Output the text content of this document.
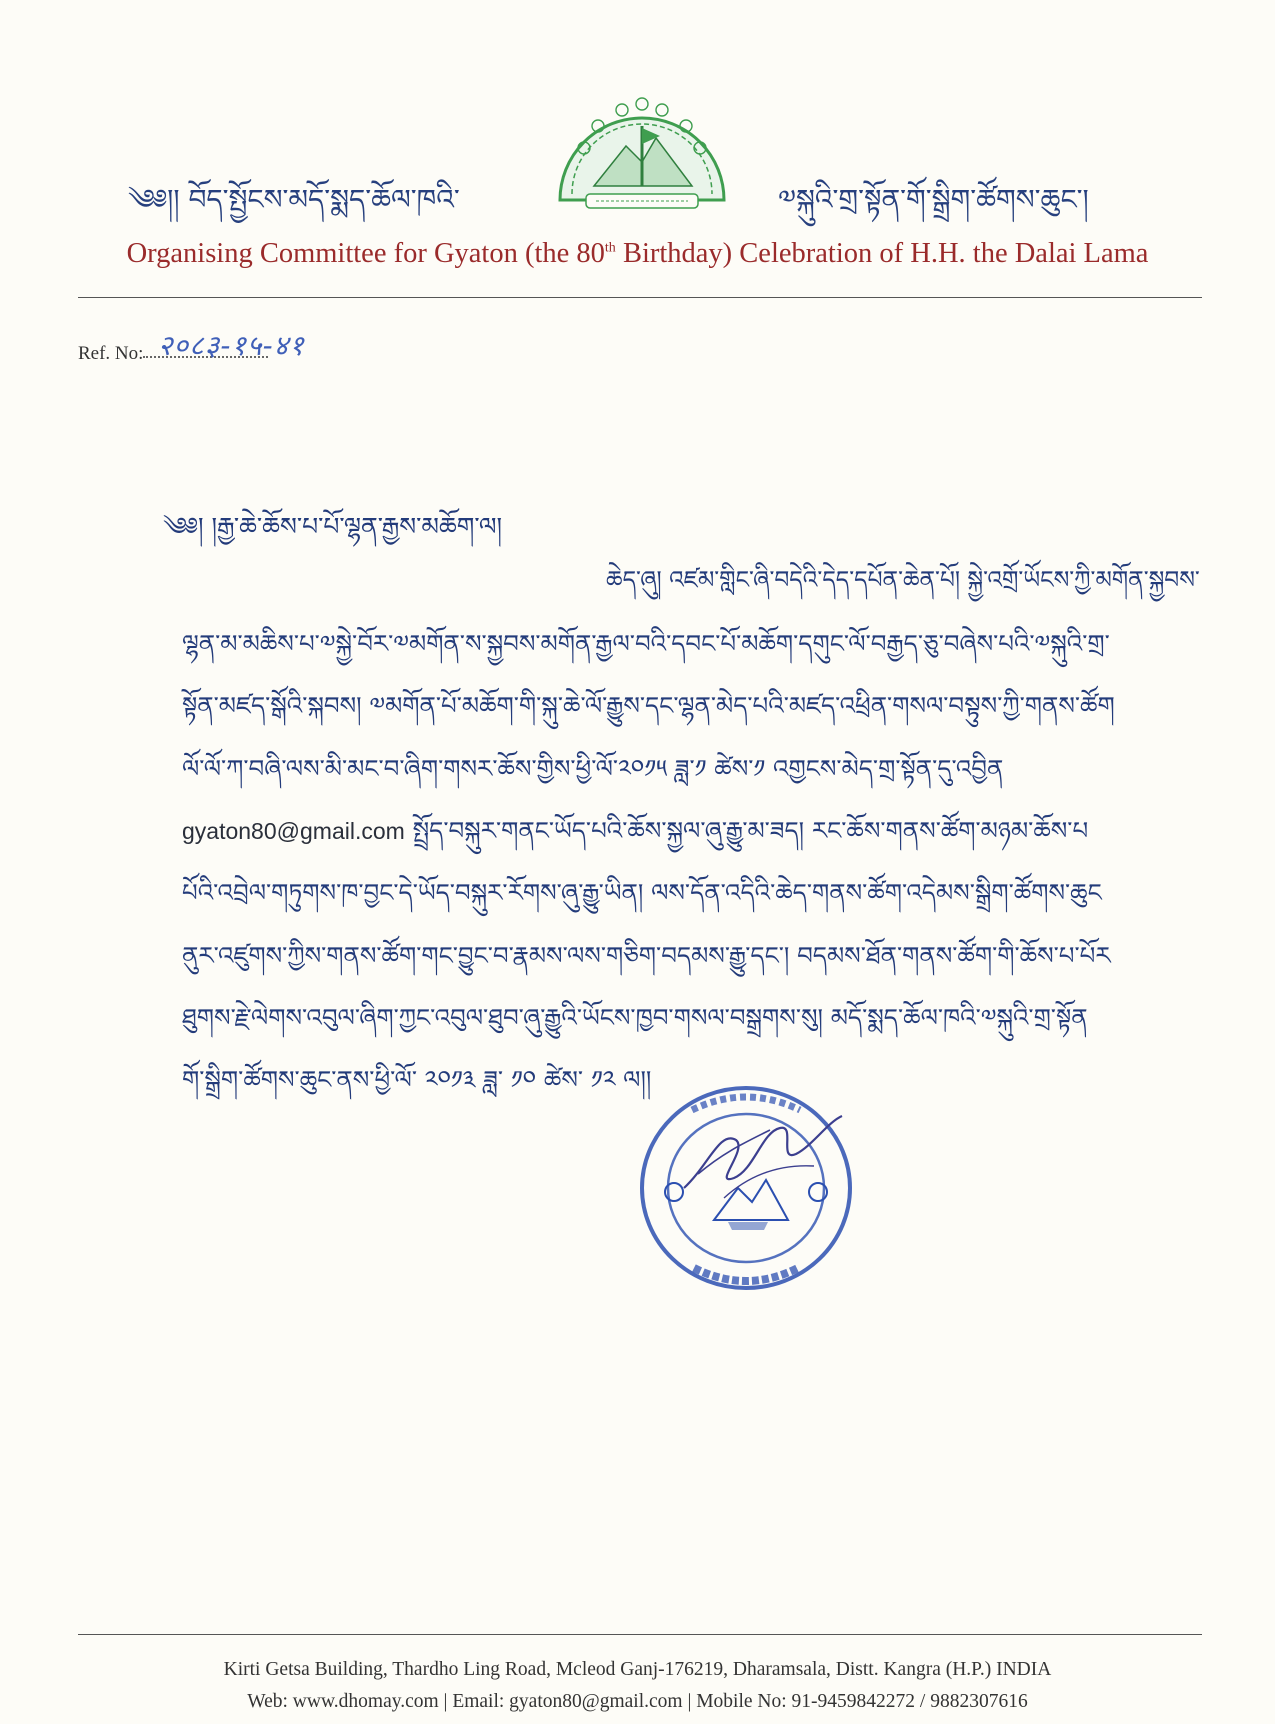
༄༅།། བོད་སྤྱོངས་མདོ་སྨད་ཆོལ་ཁའི་	༧སྐུའི་གྲ་སྟོན་གོ་སྒྲིག་ཚོགས་ཆུང་།
Organising Committee for Gyaton (the 80th Birthday) Celebration of H.H. the Dalai Lama
Ref. No: २०८३-१५-४१
༄༅། །རྒྱ་ཆེ་ཆོས་པ་པོ་ལྷན་རྒྱས་མཆོག་ལ།
ཆེད་ཞུ། འཛམ་གླིང་ཞི་བདེའི་དེད་དཔོན་ཆེན་པོ། སྐྱེ་འགྲོ་ཡོངས་ཀྱི་མགོན་སྐྱབས་
ལྷན་མ་མཆིས་པ་༧སྐྱེ་བོར་༧མགོན་ས་སྐྱབས་མགོན་རྒྱལ་བའི་དབང་པོ་མཆོག་དགུང་ལོ་བརྒྱད་ཅུ་བཞེས་པའི་༧སྐུའི་གྲ་
སྟོན་མཛད་སྒོའི་སྐབས། ༧མགོན་པོ་མཆོག་གི་སྐུ་ཆེ་ལོ་རྒྱུས་དང་ལྷན་མེད་པའི་མཛད་འཕྲིན་གསལ་བསྟུས་ཀྱི་གནས་ཚོག
ལོ་ལོ་ཀ་བཞི་ལས་མི་མང་བ་ཞིག་གསར་ཆོས་གྱིས་ཕྱི་ལོ་༢༠༡༥ ཟླ་༡ ཚེས་༡ འགྱངས་མེད་གྲ་སྟོན་དུ་འབྱིན
gyaton80@gmail.com སྤྲོད་བསྐུར་གནང་ཡོད་པའི་ཆོས་སྐྱལ་ཞུ་རྒྱུ་མ་ཟད། རང་ཆོས་གནས་ཚོག་མཉམ་ཆོས་པ
པོའི་འབྲེལ་གཏུགས་ཁ་བྱང་དེ་ཡོད་བསྐུར་རོགས་ཞུ་རྒྱུ་ཡིན། ལས་དོན་འདིའི་ཆེད་གནས་ཚོག་འདེམས་སྒྲིག་ཚོགས་ཆུང
ནུར་འཛུགས་ཀྱིས་གནས་ཚོག་གང་བྱུང་བ་རྣམས་ལས་གཅིག་བདམས་རྒྱུ་དང་། བདམས་ཐོན་གནས་ཚོག་གི་ཆོས་པ་པོར
ཐུགས་རྗེ་ལེགས་འབུལ་ཞིག་ཀྱང་འབུལ་ཐུབ་ཞུ་རྒྱུའི་ཡོངས་ཁྱབ་གསལ་བསྒྲགས་སུ། མདོ་སྨད་ཆོལ་ཁའི་༧སྐུའི་གྲ་སྟོན
གོ་སྒྲིག་ཚོགས་ཆུང་ནས་ཕྱི་ལོ་ ༢༠༡༣ ཟླ་ ༡༠ ཚེས་ ༡༢ ལ།།
Kirti Getsa Building, Thardho Ling Road, Mcleod Ganj-176219, Dharamsala, Distt. Kangra (H.P.) INDIA
Web: www.dhomay.com | Email: gyaton80@gmail.com | Mobile No: 91-9459842272 / 9882307616
